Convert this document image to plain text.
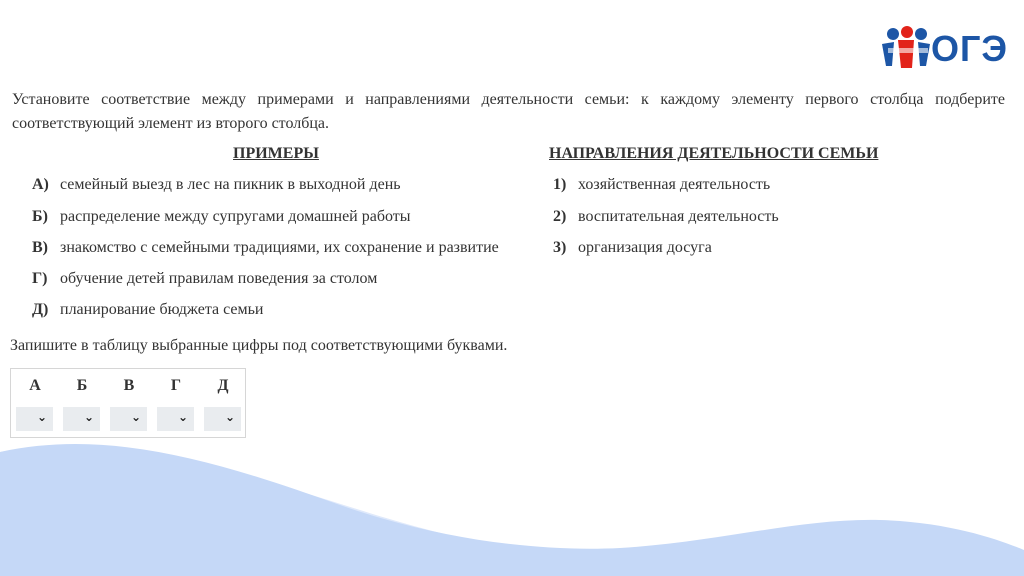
ОГЭ
Установите соответствие между примерами и направлениями деятельности семьи: к каждому элементу первого столбца подберите соответствующий элемент из второго столбца.
ПРИМЕРЫ	НАПРАВЛЕНИЯ ДЕЯТЕЛЬНОСТИ СЕМЬИ
А) семейный выезд в лес на пикник в выходной день
Б) распределение между супругами домашней работы
В) знакомство с семейными традициями, их сохранение и развитие
Г) обучение детей правилам поведения за столом
Д) планирование бюджета семьи
1) хозяйственная деятельность
2) воспитательная деятельность
3) организация досуга
Запишите в таблицу выбранные цифры под соответствующими буквами.
А	Б	В	Г	Д
⌄	⌄	⌄	⌄	⌄
